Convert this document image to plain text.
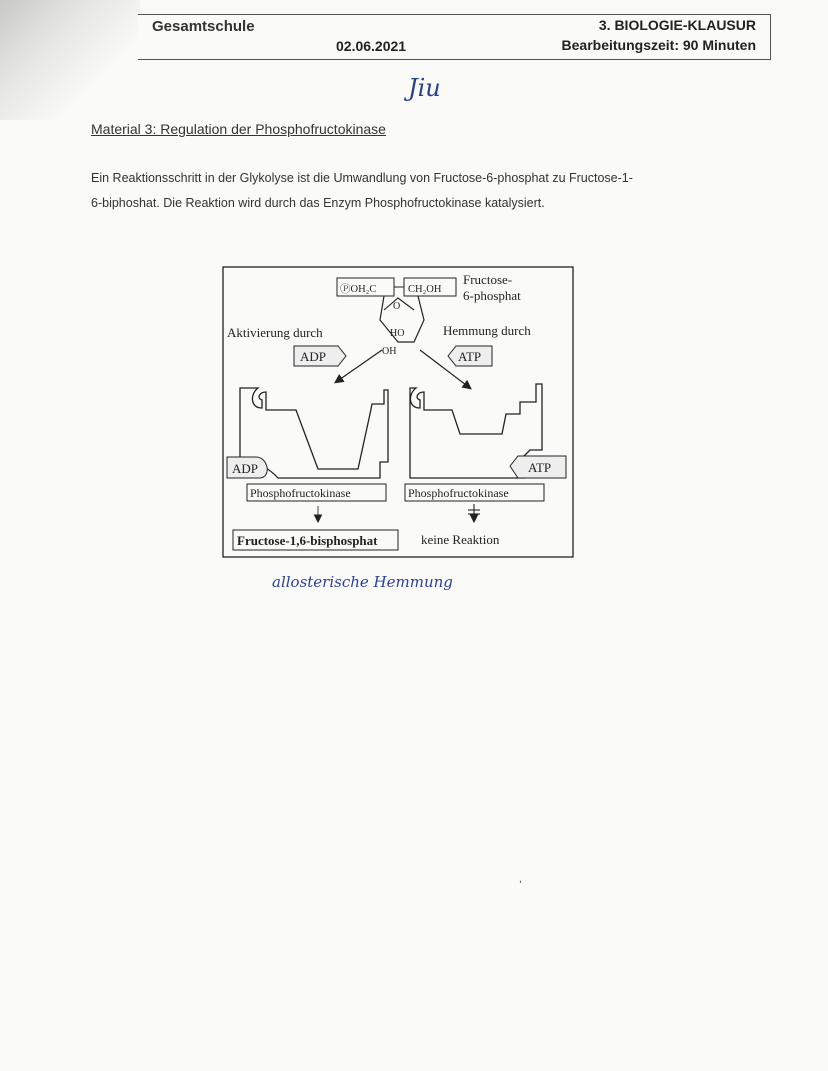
Gesamtschule
02.06.2021
3. BIOLOGIE-KLAUSUR
Bearbeitungszeit: 90 Minuten
Jiu
Material 3: Regulation der Phosphofructokinase
Ein Reaktionsschritt in der Glykolyse ist die Umwandlung von Fructose-6-phosphat zu Fructose-1-
6-biphoshat. Die Reaktion wird durch das Enzym Phosphofructokinase katalysiert.
ⓅOH₂C	CH₂OH
O
HO
OH
Fructose-
6-phosphat
Aktivierung durch
ADP
Hemmung durch
ATP
ADP
Phosphofructokinase
ATP
Phosphofructokinase
Fructose-1,6-bisphosphat	keine Reaktion
allosterische Hemmung
ˈ
